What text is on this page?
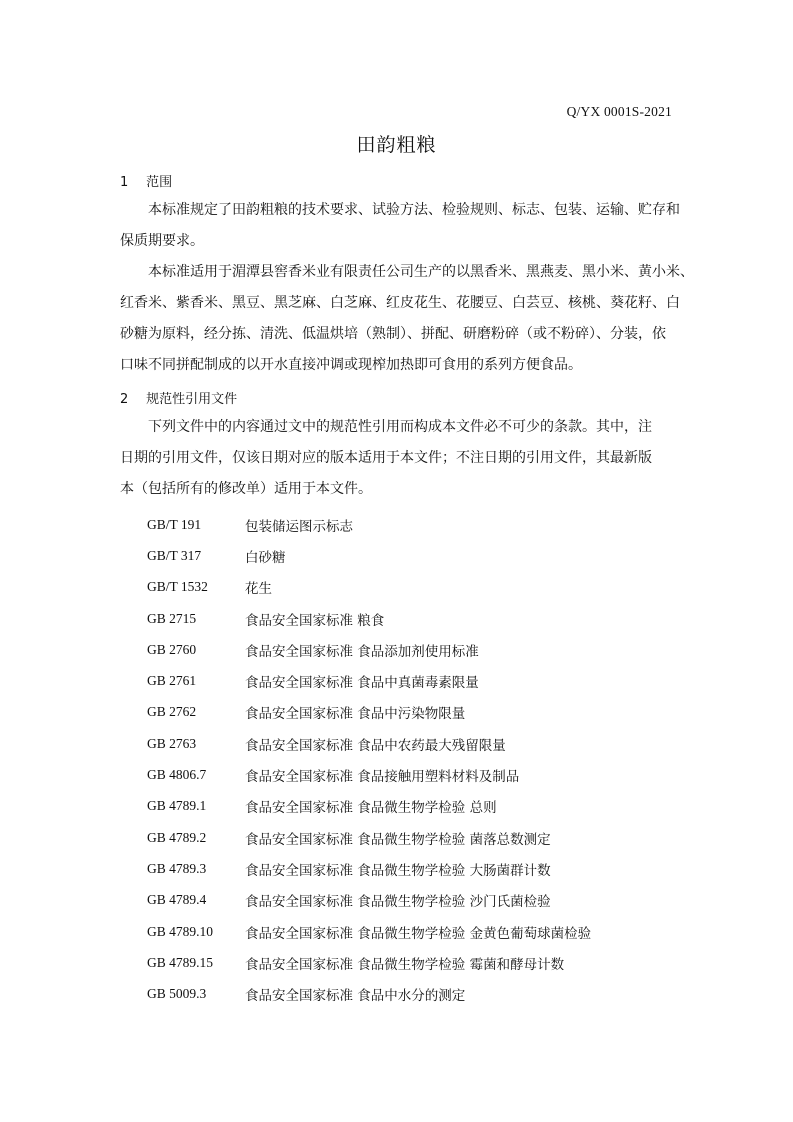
Q/YX 0001S-2021
田韵粗粮
1 范围
本标准规定了田韵粗粮的技术要求、试验方法、检验规则、标志、包装、运输、贮存和
保质期要求。
本标准适用于湄潭县窖香米业有限责任公司生产的以黑香米、黑燕麦、黑小米、黄小米、
红香米、紫香米、黑豆、黑芝麻、白芝麻、红皮花生、花腰豆、白芸豆、核桃、葵花籽、白
砂糖为原料，经分拣、清洗、低温烘培（熟制）、拼配、研磨粉碎（或不粉碎）、分装，依
口味不同拼配制成的以开水直接冲调或现榨加热即可食用的系列方便食品。
2 规范性引用文件
下列文件中的内容通过文中的规范性引用而构成本文件必不可少的条款。其中，注
日期的引用文件，仅该日期对应的版本适用于本文件；不注日期的引用文件，其最新版
本（包括所有的修改单）适用于本文件。
GB/T 191	包装储运图示标志
GB/T 317	白砂糖
GB/T 1532	花生
GB 2715	食品安全国家标准 粮食
GB 2760	食品安全国家标准 食品添加剂使用标准
GB 2761	食品安全国家标准 食品中真菌毒素限量
GB 2762	食品安全国家标准 食品中污染物限量
GB 2763	食品安全国家标准 食品中农药最大残留限量
GB 4806.7	食品安全国家标准 食品接触用塑料材料及制品
GB 4789.1	食品安全国家标准 食品微生物学检验 总则
GB 4789.2	食品安全国家标准 食品微生物学检验 菌落总数测定
GB 4789.3	食品安全国家标准 食品微生物学检验 大肠菌群计数
GB 4789.4	食品安全国家标准 食品微生物学检验 沙门氏菌检验
GB 4789.10	食品安全国家标准 食品微生物学检验 金黄色葡萄球菌检验
GB 4789.15	食品安全国家标准 食品微生物学检验 霉菌和酵母计数
GB 5009.3	食品安全国家标准 食品中水分的测定
